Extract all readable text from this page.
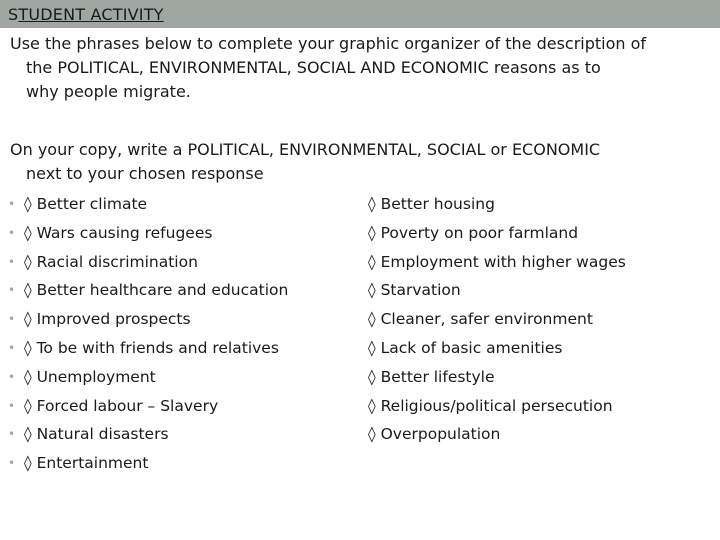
STUDENT ACTIVITY

Use the phrases below to complete your graphic organizer of the description of
the POLITICAL, ENVIRONMENTAL, SOCIAL AND ECONOMIC reasons as to
why people migrate.

On your copy, write a POLITICAL, ENVIRONMENTAL, SOCIAL or ECONOMIC
next to your chosen response

• ◊ Better climate	◊ Better housing
• ◊ Wars causing refugees	◊ Poverty on poor farmland
• ◊ Racial discrimination	◊ Employment with higher wages
• ◊ Better healthcare and education	◊ Starvation
• ◊ Improved prospects	◊ Cleaner, safer environment
• ◊ To be with friends and relatives	◊ Lack of basic amenities
• ◊ Unemployment	◊ Better lifestyle
• ◊ Forced labour – Slavery	◊ Religious/political persecution
• ◊ Natural disasters	◊ Overpopulation
• ◊ Entertainment
